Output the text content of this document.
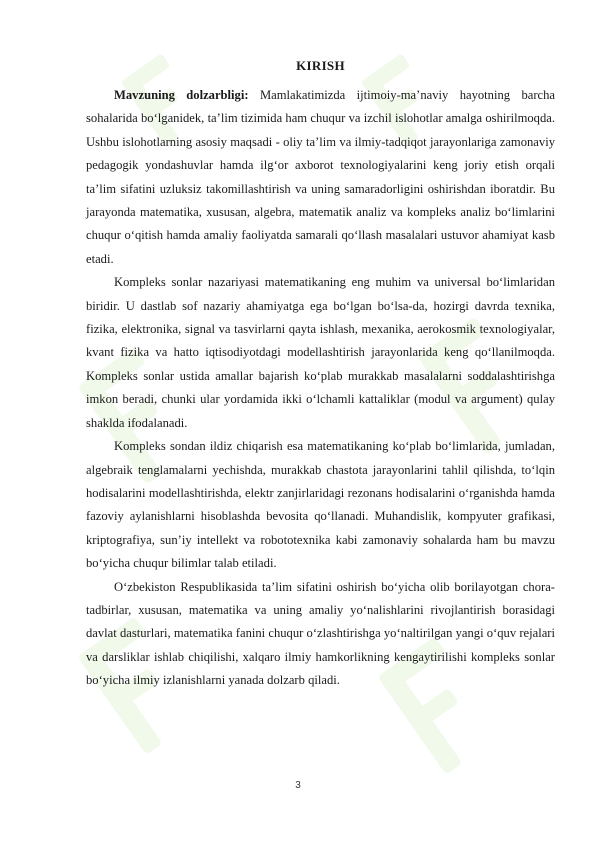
KIRISH

Mavzuning dolzarbligi: Mamlakatimizda ijtimoiy-ma’naviy hayotning barcha sohalarida bo‘lganidek, ta’lim tizimida ham chuqur va izchil islohotlar amalga oshirilmoqda. Ushbu islohotlarning asosiy maqsadi - oliy ta’lim va ilmiy-tadqiqot jarayonlariga zamonaviy pedagogik yondashuvlar hamda ilg‘or axborot texnologiyalarini keng joriy etish orqali ta’lim sifatini uzluksiz takomillashtirish va uning samaradorligini oshirishdan iboratdir. Bu jarayonda matematika, xususan, algebra, matematik analiz va kompleks analiz bo‘limlarini chuqur o‘qitish hamda amaliy faoliyatda samarali qo‘llash masalalari ustuvor ahamiyat kasb etadi.

Kompleks sonlar nazariyasi matematikaning eng muhim va universal bo‘limlaridan biridir. U dastlab sof nazariy ahamiyatga ega bo‘lgan bo‘lsa-da, hozirgi davrda texnika, fizika, elektronika, signal va tasvirlarni qayta ishlash, mexanika, aerokosmik texnologiyalar, kvant fizika va hatto iqtisodiyotdagi modellashtirish jarayonlarida keng qo‘llanilmoqda. Kompleks sonlar ustida amallar bajarish ko‘plab murakkab masalalarni soddalashtirishga imkon beradi, chunki ular yordamida ikki o‘lchamli kattaliklar (modul va argument) qulay shaklda ifodalanadi.

Kompleks sondan ildiz chiqarish esa matematikaning ko‘plab bo‘limlarida, jumladan, algebraik tenglamalarni yechishda, murakkab chastota jarayonlarini tahlil qilishda, to‘lqin hodisalarini modellashtirishda, elektr zanjirlaridagi rezonans hodisalarini o‘rganishda hamda fazoviy aylanishlarni hisoblashda bevosita qo‘llanadi. Muhandislik, kompyuter grafikasi, kriptografiya, sun’iy intellekt va robototexnika kabi zamonaviy sohalarda ham bu mavzu bo‘yicha chuqur bilimlar talab etiladi.

O‘zbekiston Respublikasida ta’lim sifatini oshirish bo‘yicha olib borilayotgan chora-tadbirlar, xususan, matematika va uning amaliy yo‘nalishlarini rivojlantirish borasidagi davlat dasturlari, matematika fanini chuqur o‘zlashtirishga yo‘naltirilgan yangi o‘quv rejalari va darsliklar ishlab chiqilishi, xalqaro ilmiy hamkorlikning kengaytirilishi kompleks sonlar bo‘yicha ilmiy izlanishlarni yanada dolzarb qiladi.

3
